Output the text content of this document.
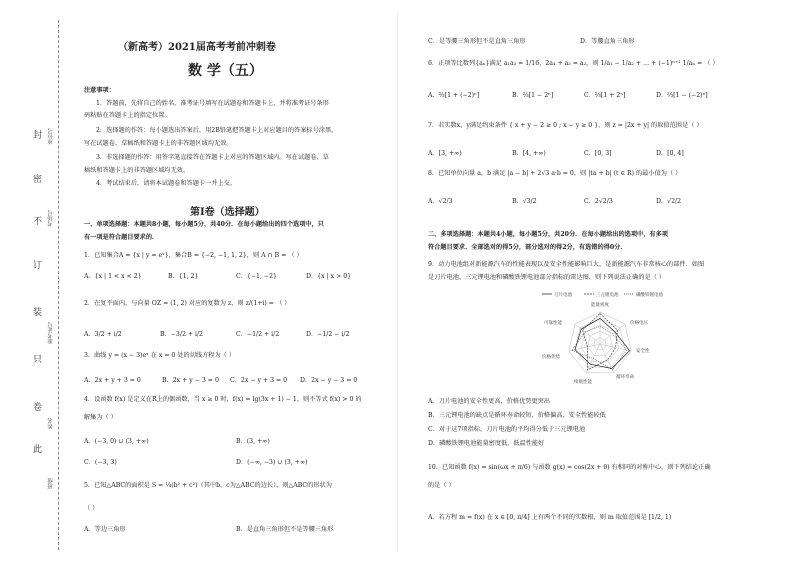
封
密
不
订
装
只
卷
此
座位号
考场号
准考证号
姓名
班级
（新高考）2021届高考考前冲刺卷
数 学（五）
注意事项：
1．答题前，先将自己的姓名、准考证号填写在试题卷和答题卡上，并将准考证号条形
码粘贴在答题卡上的指定位置。
2．选择题的作答：每小题选出答案后，用2B铅笔把答题卡上对应题目的答案标号涂黑，
写在试题卷、草稿纸和答题卡上的非答题区域均无效。
3．非选择题的作答：用签字笔直接答在答题卡上对应的答题区域内。写在试题卷、草
稿纸和答题卡上的非答题区域均无效。
4．考试结束后，请将本试题卷和答题卡一并上交。
第Ⅰ卷（选择题）
一、单项选择题：本题共8小题，每小题5分，共40分．在每小题给出的四个选项中，只
有一项是符合题目要求的．
1．已知集合A = {x | y = eˣ}，集合B = {−2, −1, 1, 2}，则 A ∩ B = （ ）
A．{x | 1 < x < 2}	B．{1, 2}	C．{−1, −2}	D．{x | x > 0}
2．在复平面内，与向量 OZ = (1, 2) 对应的复数为 z，则 z/(1+i) = （ ）
A．3/2 + i/2	B．−3/2 + i/2	C．−1/2 + i/2	D．−1/2 − i/2
3．曲线 y = (x − 3)eˣ 在 x = 0 处的切线方程为（ ）
A．2x + y + 3 = 0	B．2x + y − 3 = 0 C．2x − y + 3 = 0 D．2x − y − 3 = 0
4．设函数 f(x) 是定义在R上的偶函数，当 x ≥ 0 时，f(x) = lg(3x + 1) − 1，则不等式 f(x) > 0 的
解集为（ ）
A．(−3, 0) ∪ (3, +∞)	B．(3, +∞)
C．(−3, 3)	D．(−∞, −3) ∪ (3, +∞)
5．已知△ABC的面积是 S = ¼(b² + c²)（其中b，c为△ABC的边长），则△ABC的形状为
（ ）
A．等边三角形	B．是直角三角形但不是等腰三角形
C．是等腰三角形但不是直角三角形	D．等腰直角三角形
6．正项等比数列{aₙ}满足 a₁a₃ = 1/16，2a₄ + a₃ = a₂，则 1/a₁ − 1/a₂ + … + (−1)ⁿ⁺¹ 1/aₙ = （ ）
A．⅔[1 + (−2)ⁿ]	B．⅔[1 − 2ⁿ]	C．⅔[1 + 2ⁿ]	D．⅔[1 − (−2)ⁿ]
7．若实数x，y满足约束条件 { x + y − 2 ≥ 0 ; x − y ≥ 0 }，则 z = |2x + y| 的取值范围是（ ）
A．[3, +∞)	B．[4, +∞)	C．[0, 3]	D．[0, 4]
8．已知单位向量 a，b 满足 |a − b| + 2√3 a·b = 0，则 |ta + b| (t ∈ R) 的最小值为（ ）
A．√2/3	B．√3/2	C．2√2/3	D．√2/2
二、多项选择题：本题共4小题，每小题5分，共20分．在每小题给出的选项中，有多项
符合题目要求．全部选对的得5分，部分选对的得2分，有选错的得0分．
9．动力电池组对新能源汽车的性能表现以及安全性能影响巨大，是新能源汽车非常核心的部件．如图
是刀片电池、三元锂电池和磷酸铁锂电池部分指标的雷达图，则下列说法正确的是（ ）
刀片电池	三元锂电池	磷酸铁锂电池
能量密度
价格电压
安全性
循环寿命
续航性能
价格优势
可靠性能
A．刀片电池的安全性更高，价格优势更突出
B．三元锂电池的缺点是循环寿命较短、价格偏高、安全性能较低
C．对于这7项指标，刀片电池的平均得分低于三元锂电池
D．磷酸铁锂电池能量密度低、低温性能好
10．已知函数 f(x) = sin(ωx + π/6) 与函数 g(x) = cos(2x + θ) 有相同的对称中心，则下列结论正确
的是（ ）
A．若方程 m = f(x) 在 x ∈ [0, π/4] 上有两个不同的实数根，则 m 取值范围是 [1/2, 1)
